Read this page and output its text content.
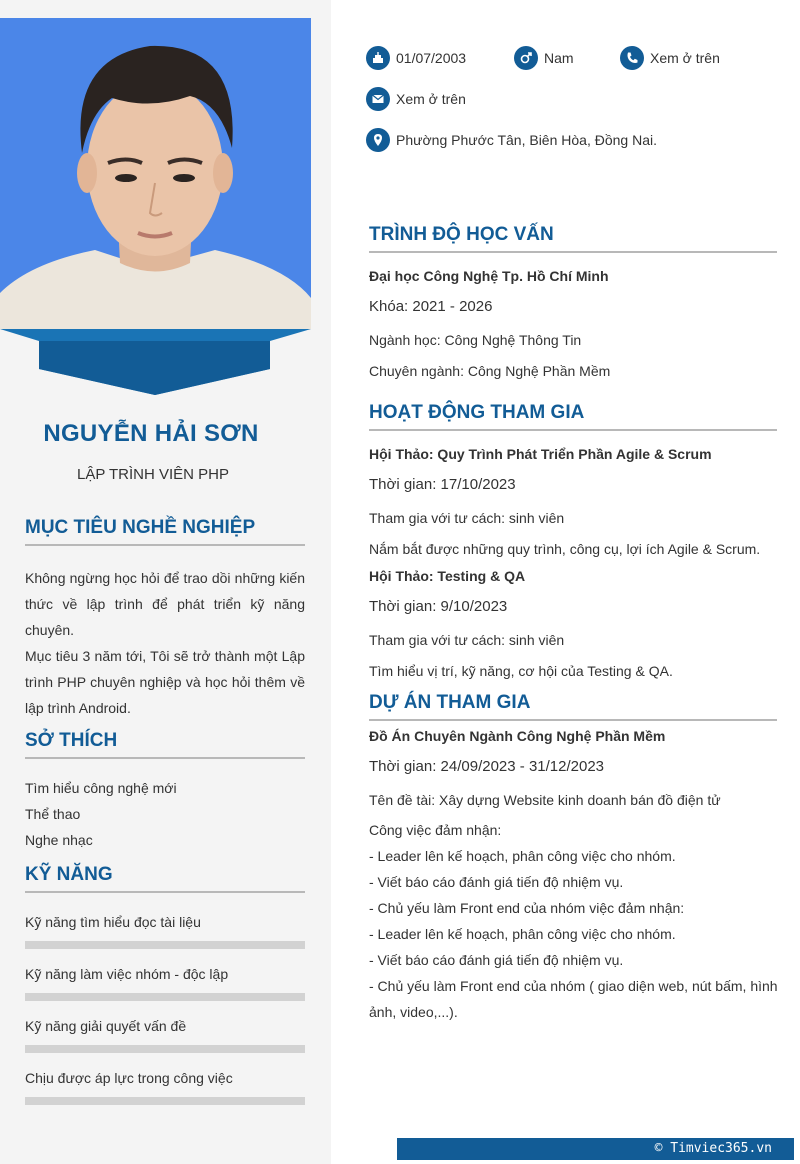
NGUYỄN HẢI SƠN
LẬP TRÌNH VIÊN PHP
MỤC TIÊU NGHỀ NGHIỆP
Không ngừng học hỏi để trao dồi những kiến thức về lập trình để phát triển kỹ năng chuyên.
Mục tiêu 3 năm tới, Tôi sẽ trở thành một Lập trình PHP chuyên nghiệp và học hỏi thêm về lập trình Android.
SỞ THÍCH
Tìm hiểu công nghệ mới
Thể thao
Nghe nhạc
KỸ NĂNG
Kỹ năng tìm hiểu đọc tài liệu
Kỹ năng làm việc nhóm - độc lập
Kỹ năng giải quyết vấn đề
Chịu được áp lực trong công việc
01/07/2003	Nam	Xem ở trên
Xem ở trên
Phường Phước Tân, Biên Hòa, Đồng Nai.
TRÌNH ĐỘ HỌC VẤN
Đại học Công Nghệ Tp. Hồ Chí Minh
Khóa: 2021 - 2026
Ngành học: Công Nghệ Thông Tin
Chuyên ngành: Công Nghệ Phần Mềm
HOẠT ĐỘNG THAM GIA
Hội Thảo: Quy Trình Phát Triển Phần Agile & Scrum
Thời gian: 17/10/2023
Tham gia với tư cách: sinh viên
Nắm bắt được những quy trình, công cụ, lợi ích Agile & Scrum.
Hội Thảo: Testing & QA
Thời gian: 9/10/2023
Tham gia với tư cách: sinh viên
Tìm hiểu vị trí, kỹ năng, cơ hội của Testing & QA.
DỰ ÁN THAM GIA
Đồ Án Chuyên Ngành Công Nghệ Phần Mềm
Thời gian: 24/09/2023 - 31/12/2023
Tên đề tài: Xây dựng Website kinh doanh bán đồ điện tử
Công việc đảm nhận:
- Leader lên kế hoạch, phân công việc cho nhóm.
- Viết báo cáo đánh giá tiến độ nhiệm vụ.
- Chủ yếu làm Front end của nhóm việc đảm nhận:
- Leader lên kế hoạch, phân công việc cho nhóm.
- Viết báo cáo đánh giá tiến độ nhiệm vụ.
- Chủ yếu làm Front end của nhóm ( giao diện web, nút bấm, hình ảnh, video,...).
© Timviec365.vn
